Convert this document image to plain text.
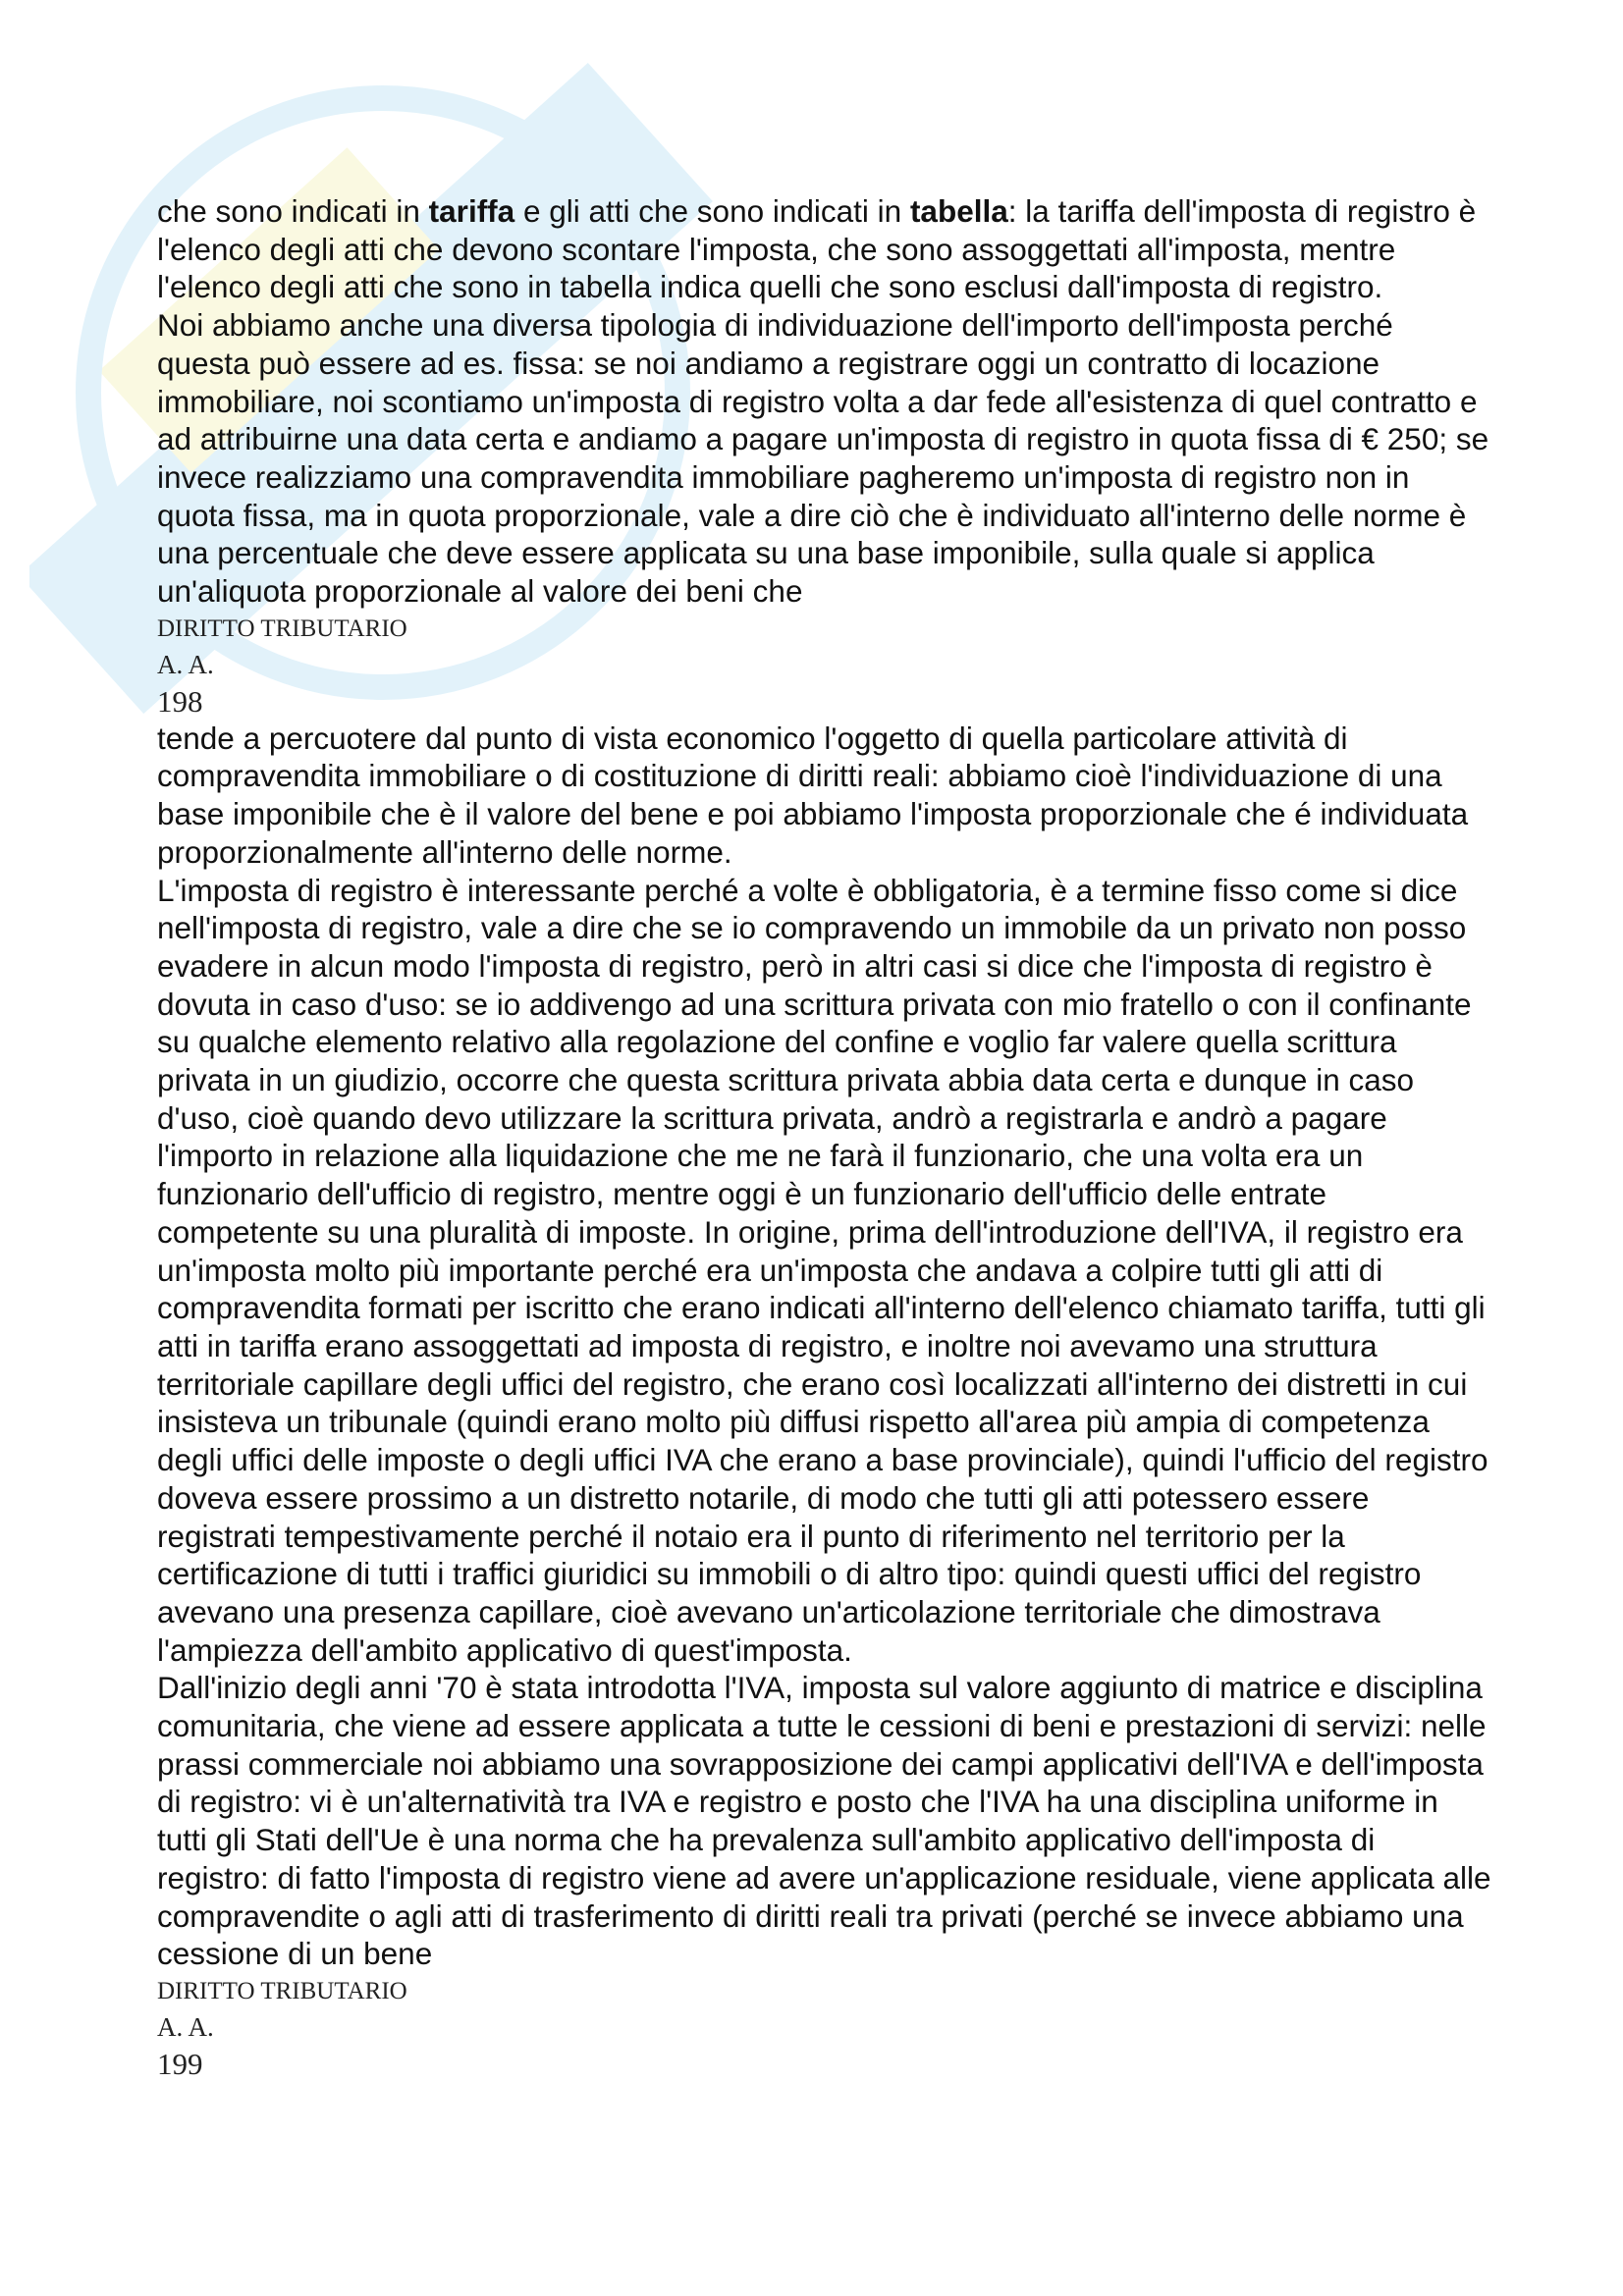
che sono indicati in tariffa e gli atti che sono indicati in tabella: la tariffa dell'imposta di registro è l'elenco degli atti che devono scontare l'imposta, che sono assoggettati all'imposta, mentre l'elenco degli atti che sono in tabella indica quelli che sono esclusi dall'imposta di registro.

Noi abbiamo anche una diversa tipologia di individuazione dell'importo dell'imposta perché questa può essere ad es. fissa: se noi andiamo a registrare oggi un contratto di locazione immobiliare, noi scontiamo un'imposta di registro volta a dar fede all'esistenza di quel contratto e ad attribuirne una data certa e andiamo a pagare un'imposta di registro in quota fissa di € 250; se invece realizziamo una compravendita immobiliare pagheremo un'imposta di registro non in quota fissa, ma in quota proporzionale, vale a dire ciò che è individuato all'interno delle norme è una percentuale che deve essere applicata su una base imponibile, sulla quale si applica un'aliquota proporzionale al valore dei beni che

DIRITTO TRIBUTARIO
A. A.
198

tende a percuotere dal punto di vista economico l'oggetto di quella particolare attività di compravendita immobiliare o di costituzione di diritti reali: abbiamo cioè l'individuazione di una base imponibile che è il valore del bene e poi abbiamo l'imposta proporzionale che é individuata proporzionalmente all'interno delle norme.

L'imposta di registro è interessante perché a volte è obbligatoria, è a termine fisso come si dice nell'imposta di registro, vale a dire che se io compravendo un immobile da un privato non posso evadere in alcun modo l'imposta di registro, però in altri casi si dice che l'imposta di registro è dovuta in caso d'uso: se io addivengo ad una scrittura privata con mio fratello o con il confinante su qualche elemento relativo alla regolazione del confine e voglio far valere quella scrittura privata in un giudizio, occorre che questa scrittura privata abbia data certa e dunque in caso d'uso, cioè quando devo utilizzare la scrittura privata, andrò a registrarla e andrò a pagare l'importo in relazione alla liquidazione che me ne farà il funzionario, che una volta era un funzionario dell'ufficio di registro, mentre oggi è un funzionario dell'ufficio delle entrate competente su una pluralità di imposte. In origine, prima dell'introduzione dell'IVA, il registro era un'imposta molto più importante perché era un'imposta che andava a colpire tutti gli atti di compravendita formati per iscritto che erano indicati all'interno dell'elenco chiamato tariffa, tutti gli atti in tariffa erano assoggettati ad imposta di registro, e inoltre noi avevamo una struttura territoriale capillare degli uffici del registro, che erano così localizzati all'interno dei distretti in cui insisteva un tribunale (quindi erano molto più diffusi rispetto all'area più ampia di competenza degli uffici delle imposte o degli uffici IVA che erano a base provinciale), quindi l'ufficio del registro doveva essere prossimo a un distretto notarile, di modo che tutti gli atti potessero essere registrati tempestivamente perché il notaio era il punto di riferimento nel territorio per la certificazione di tutti i traffici giuridici su immobili o di altro tipo: quindi questi uffici del registro avevano una presenza capillare, cioè avevano un'articolazione territoriale che dimostrava l'ampiezza dell'ambito applicativo di quest'imposta.

Dall'inizio degli anni '70 è stata introdotta l'IVA, imposta sul valore aggiunto di matrice e disciplina comunitaria, che viene ad essere applicata a tutte le cessioni di beni e prestazioni di servizi: nelle prassi commerciale noi abbiamo una sovrapposizione dei campi applicativi dell'IVA e dell'imposta di registro: vi è un'alternatività tra IVA e registro e posto che l'IVA ha una disciplina uniforme in tutti gli Stati dell'Ue è una norma che ha prevalenza sull'ambito applicativo dell'imposta di registro: di fatto l'imposta di registro viene ad avere un'applicazione residuale, viene applicata alle compravendite o agli atti di trasferimento di diritti reali tra privati (perché se invece abbiamo una cessione di un bene

DIRITTO TRIBUTARIO
A. A.
199
